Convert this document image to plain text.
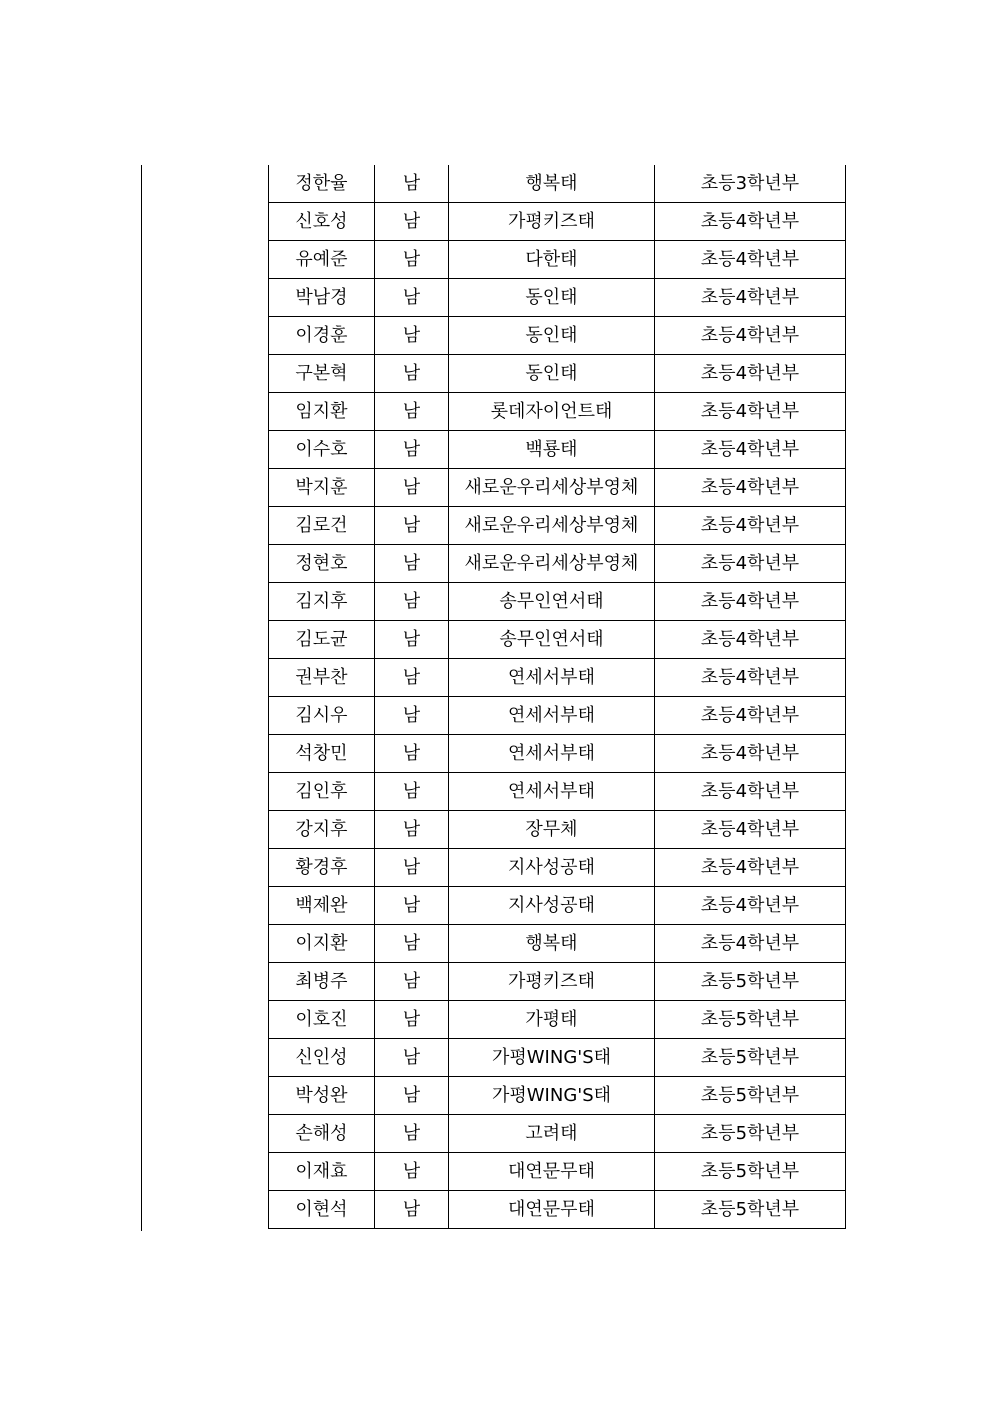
정한율	남	행복태	초등3학년부
신호성	남	가평키즈태	초등4학년부
유예준	남	다한태	초등4학년부
박남경	남	동인태	초등4학년부
이경훈	남	동인태	초등4학년부
구본혁	남	동인태	초등4학년부
임지환	남	롯데자이언트태	초등4학년부
이수호	남	백룡태	초등4학년부
박지훈	남	새로운우리세상부영체	초등4학년부
김로건	남	새로운우리세상부영체	초등4학년부
정현호	남	새로운우리세상부영체	초등4학년부
김지후	남	송무인연서태	초등4학년부
김도균	남	송무인연서태	초등4학년부
권부찬	남	연세서부태	초등4학년부
김시우	남	연세서부태	초등4학년부
석창민	남	연세서부태	초등4학년부
김인후	남	연세서부태	초등4학년부
강지후	남	장무체	초등4학년부
황경후	남	지사성공태	초등4학년부
백제완	남	지사성공태	초등4학년부
이지환	남	행복태	초등4학년부
최병주	남	가평키즈태	초등5학년부
이호진	남	가평태	초등5학년부
신인성	남	가평WING'S태	초등5학년부
박성완	남	가평WING'S태	초등5학년부
손해성	남	고려태	초등5학년부
이재효	남	대연문무태	초등5학년부
이현석	남	대연문무태	초등5학년부
